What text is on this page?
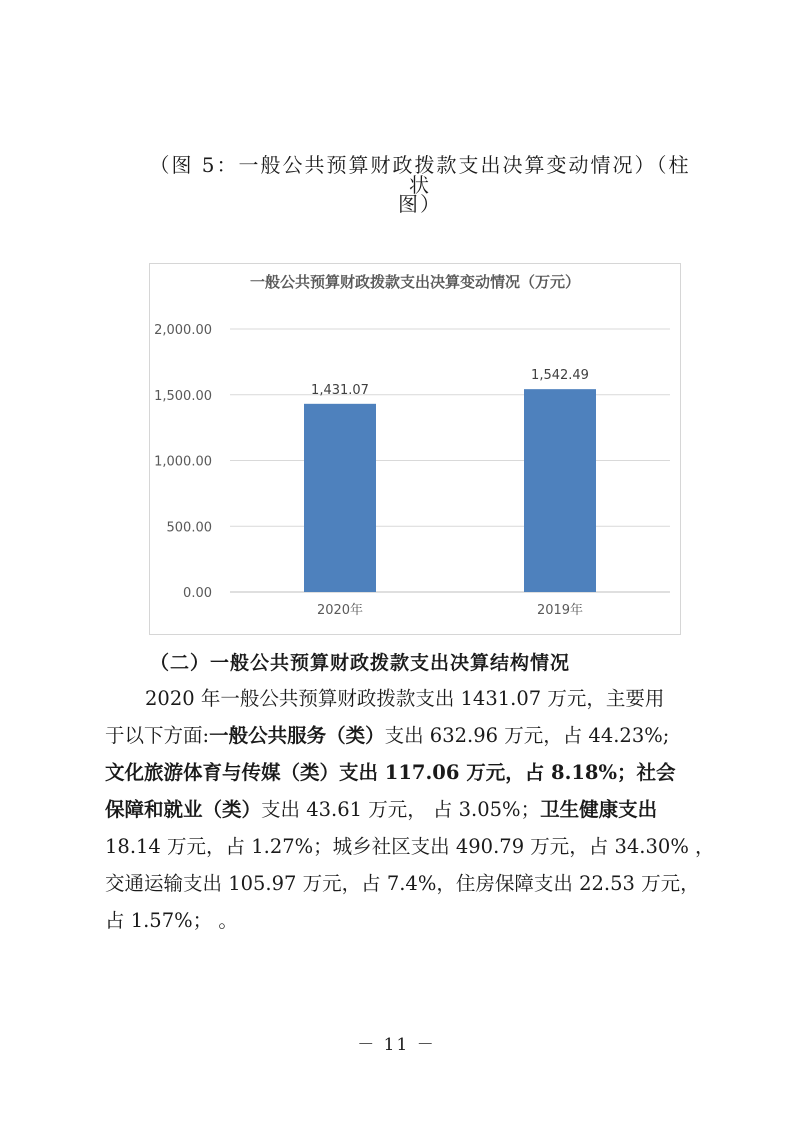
（图 5：一般公共预算财政拨款支出决算变动情况）（柱状
图）
一般公共预算财政拨款支出决算变动情况（万元）
0.00
500.00
1,000.00
1,500.00
2,000.00
1,431.07
2020年
1,542.49
2019年
（二）一般公共预算财政拨款支出决算结构情况
2020 年一般公共预算财政拨款支出 1431.07 万元，主要用
于以下方面:一般公共服务（类）支出 632.96 万元，占 44.23%;
文化旅游体育与传媒（类）支出 117.06 万元，占 8.18%；社会
保障和就业（类）支出 43.61 万元， 占 3.05%；卫生健康支出
18.14 万元，占 1.27%；城乡社区支出 490.79 万元，占 34.30% ，
交通运输支出 105.97 万元，占 7.4%，住房保障支出 22.53 万元，
占 1.57%； 。
－ 11 －
